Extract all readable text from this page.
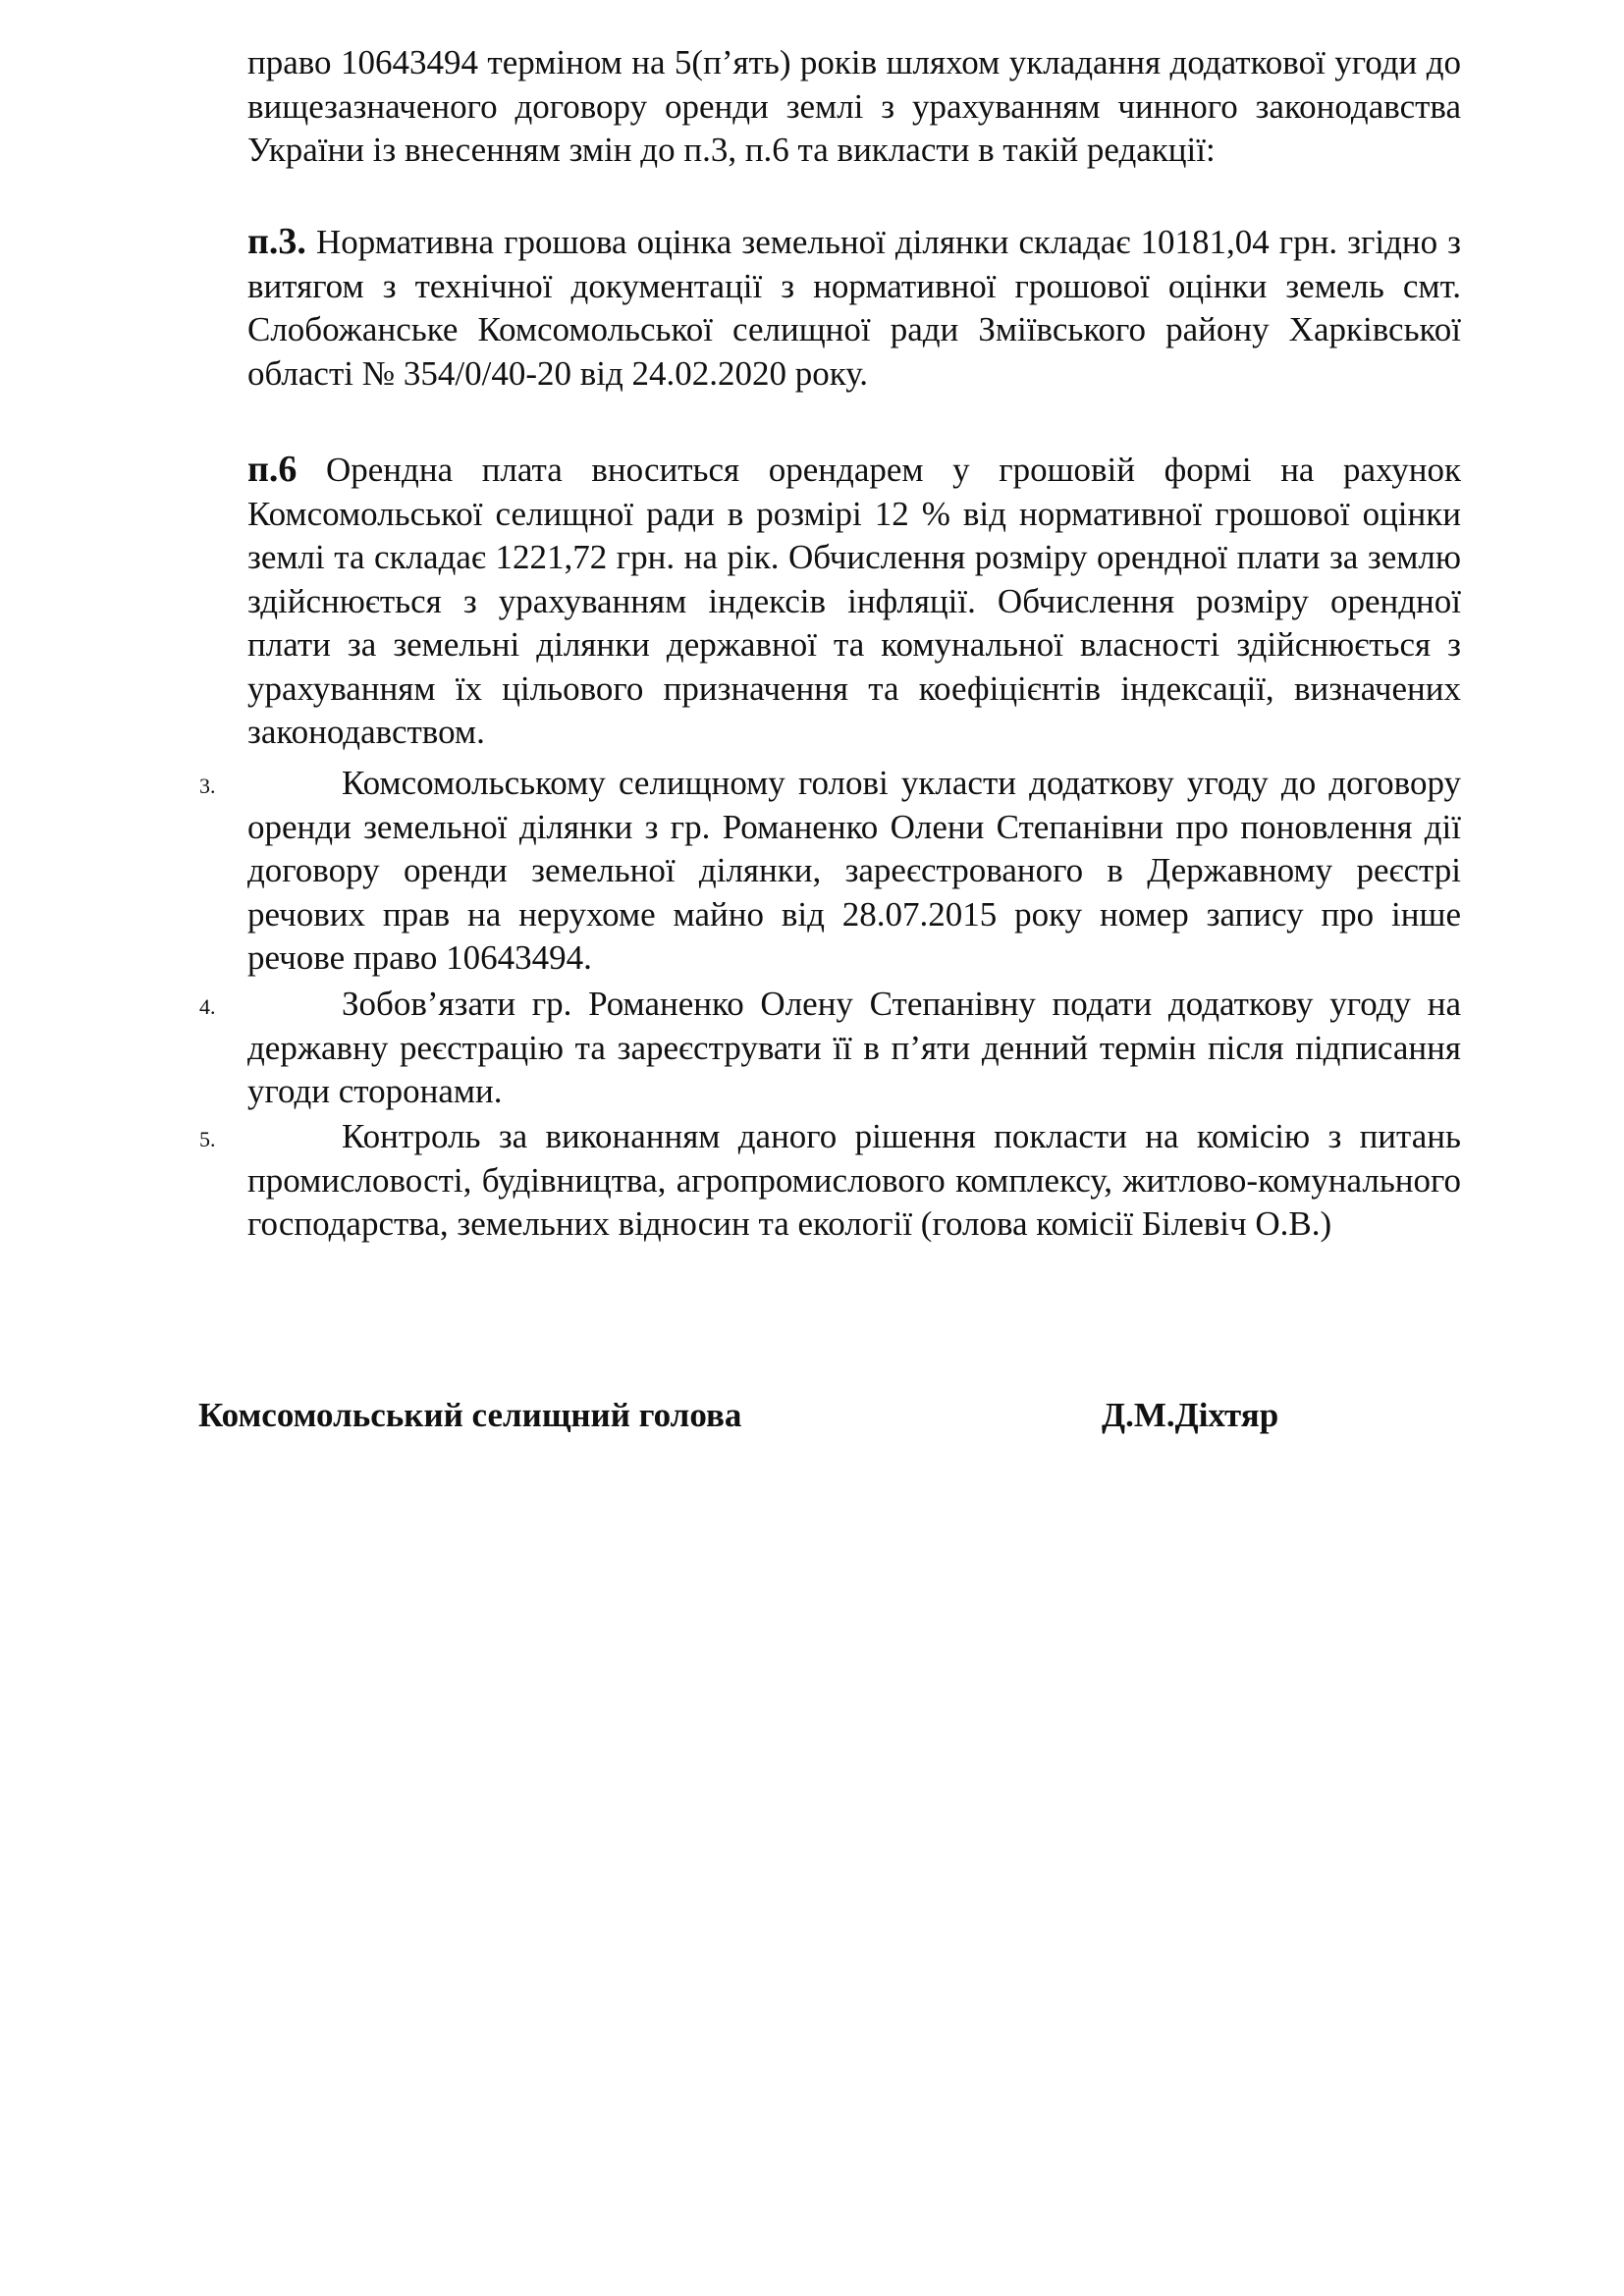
право 10643494 терміном на 5(п’ять) років шляхом укладання додаткової угоди до вищезазначеного договору оренди землі з урахуванням чинного законодавства України із внесенням змін до п.3, п.6 та викласти в такій редакції:

п.3. Нормативна грошова оцінка земельної ділянки складає 10181,04 грн. згідно з витягом з технічної документації з нормативної грошової оцінки земель смт. Слобожанське Комсомольської селищної ради Зміївського району Харківської області № 354/0/40-20 від 24.02.2020 року.

п.6 Орендна плата вноситься орендарем у грошовій формі на рахунок Комсомольської селищної ради в розмірі 12 % від нормативної грошової оцінки землі та складає 1221,72 грн. на рік. Обчислення розміру орендної плати за землю здійснюється з урахуванням індексів інфляції. Обчислення розміру орендної плати за земельні ділянки державної та комунальної власності здійснюється з урахуванням їх цільового призначення та коефіцієнтів індексації, визначених законодавством.

3.	Комсомольському селищному голові укласти додаткову угоду до договору оренди земельної ділянки з гр. Романенко Олени Степанівни про поновлення дії договору оренди земельної ділянки, зареєстрованого в Державному реєстрі речових прав на нерухоме майно від 28.07.2015 року номер запису про інше речове право 10643494.

4.	Зобов’язати гр. Романенко Олену Степанівну подати додаткову угоду на державну реєстрацію та зареєструвати її в п’яти денний термін після підписання угоди сторонами.

5.	Контроль за виконанням даного рішення покласти на комісію з питань промисловості, будівництва, агропромислового комплексу, житлово-комунального господарства, земельних відносин та екології (голова комісії Білевіч О.В.)

Комсомольський селищний голова	Д.М.Діхтяр
